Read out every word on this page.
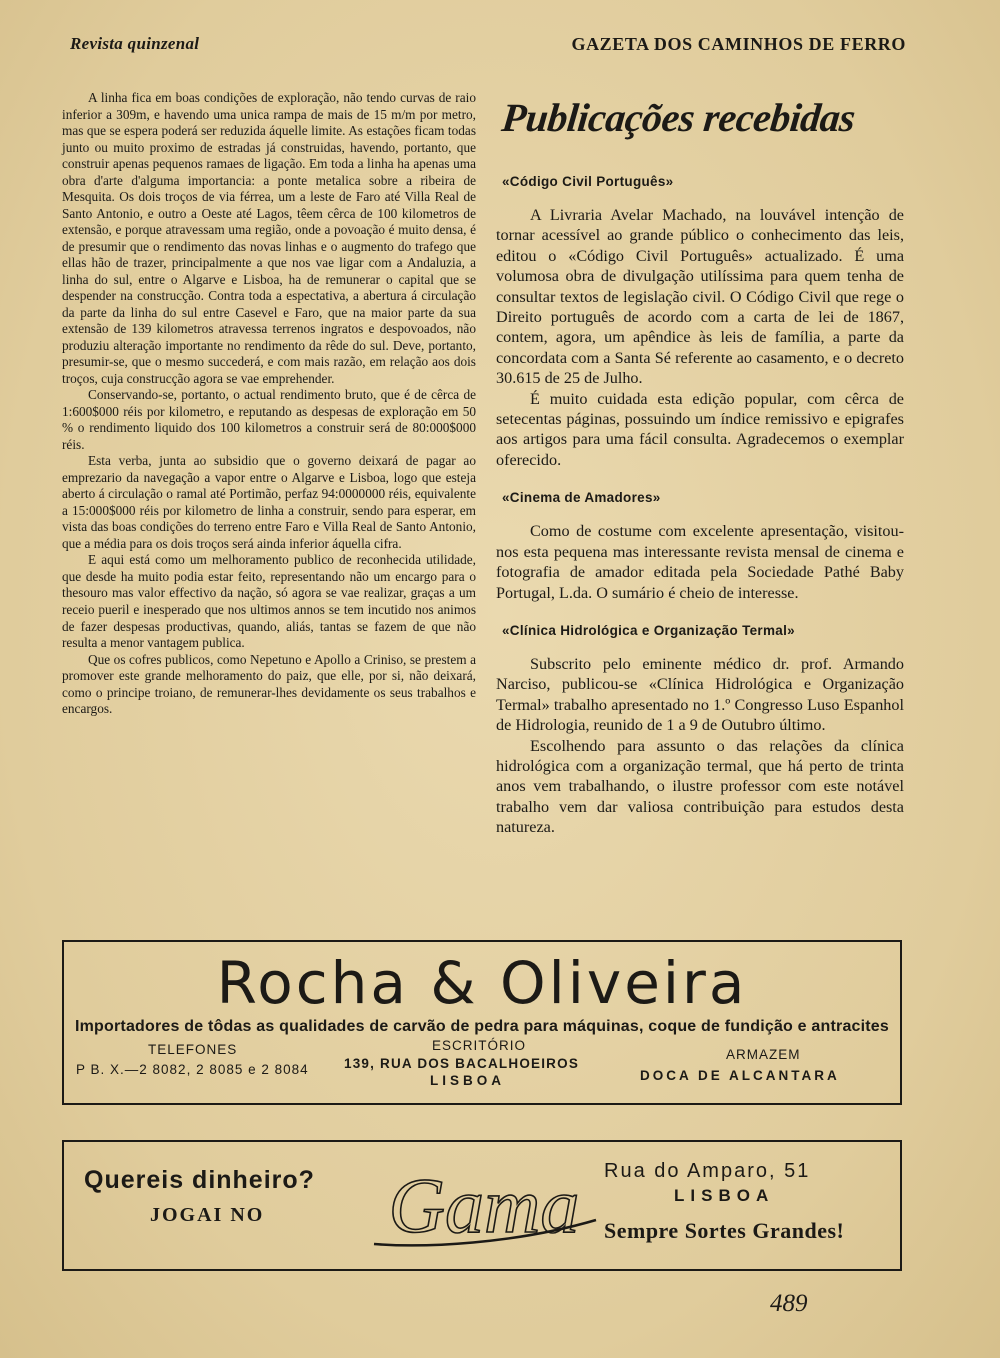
Revista quinzenal	GAZETA DOS CAMINHOS DE FERRO

A linha fica em boas condições de exploração, não tendo curvas de raio inferior a 309m, e havendo uma unica rampa de mais de 15 m/m por metro, mas que se espera poderá ser reduzida áquelle limite. As estações ficam todas junto ou muito proximo de estradas já construidas, havendo, portanto, que construir apenas pequenos ramaes de ligação. Em toda a linha ha apenas uma obra d'arte d'alguma importancia: a ponte metalica sobre a ribeira de Mesquita. Os dois troços de via férrea, um a leste de Faro até Villa Real de Santo Antonio, e outro a Oeste até Lagos, têem cêrca de 100 kilometros de extensão, e porque atravessam uma região, onde a povoação é muito densa, é de presumir que o rendimento das novas linhas e o augmento do trafego que ellas hão de trazer, principalmente a que nos vae ligar com a Andaluzia, a linha do sul, entre o Algarve e Lisboa, ha de remunerar o capital que se despender na construcção. Contra toda a espectativa, a abertura á circulação da parte da linha do sul entre Casevel e Faro, que na maior parte da sua extensão de 139 kilometros atravessa terrenos ingratos e despovoados, não produziu alteração importante no rendimento da rêde do sul. Deve, portanto, presumir-se, que o mesmo succederá, e com mais razão, em relação aos dois troços, cuja construcção agora se vae emprehender.

Conservando-se, portanto, o actual rendimento bruto, que é de cêrca de 1:600$000 réis por kilometro, e reputando as despesas de exploração em 50 % o rendimento liquido dos 100 kilometros a construir será de 80:000$000 réis.

Esta verba, junta ao subsidio que o governo deixará de pagar ao emprezario da navegação a vapor entre o Algarve e Lisboa, logo que esteja aberto á circulação o ramal até Portimão, perfaz 94:0000000 réis, equivalente a 15:000$000 réis por kilometro de linha a construir, sendo para esperar, em vista das boas condições do terreno entre Faro e Villa Real de Santo Antonio, que a média para os dois troços será ainda inferior áquella cifra.

E aqui está como um melhoramento publico de reconhecida utilidade, que desde ha muito podia estar feito, representando não um encargo para o thesouro mas valor effectivo da nação, só agora se vae realizar, graças a um receio pueril e inesperado que nos ultimos annos se tem incutido nos animos de fazer despesas productivas, quando, aliás, tantas se fazem de que não resulta a menor vantagem publica.

Que os cofres publicos, como Nepetuno e Apollo a Criniso, se prestem a promover este grande melhoramento do paiz, que elle, por si, não deixará, como o principe troiano, de remunerar-lhes devidamente os seus trabalhos e encargos.

Publicações recebidas
«Código Civil Português»

A Livraria Avelar Machado, na louvável intenção de tornar acessível ao grande público o conhecimento das leis, editou o «Código Civil Português» actualizado. É uma volumosa obra de divulgação utilíssima para quem tenha de consultar textos de legislação civil. O Código Civil que rege o Direito português de acordo com a carta de lei de 1867, contem, agora, um apêndice às leis de família, a parte da concordata com a Santa Sé referente ao casamento, e o decreto 30.615 de 25 de Julho.

É muito cuidada esta edição popular, com cêrca de setecentas páginas, possuindo um índice remissivo e epigrafes aos artigos para uma fácil consulta. Agradecemos o exemplar oferecido.

«Cinema de Amadores»

Como de costume com excelente apresentação, visitou-nos esta pequena mas interessante revista mensal de cinema e fotografia de amador editada pela Sociedade Pathé Baby Portugal, L.da. O sumário é cheio de interesse.

«Clínica Hidrológica e Organização Termal»

Subscrito pelo eminente médico dr. prof. Armando Narciso, publicou-se «Clínica Hidrológica e Organização Termal» trabalho apresentado no 1.º Congresso Luso Espanhol de Hidrologia, reunido de 1 a 9 de Outubro último.

Escolhendo para assunto o das relações da clínica hidrológica com a organização termal, que há perto de trinta anos vem trabalhando, o ilustre professor com este notável trabalho vem dar valiosa contribuição para estudos desta natureza.

Rocha & Oliveira
Importadores de tôdas as qualidades de carvão de pedra para máquinas, coque de fundição e antracites
TELEFONES
P B. X.—2 8082, 2 8085 e 2 8084
ESCRITÓRIO
139, RUA DOS BACALHOEIROS
LISBOA
ARMAZEM
DOCA DE ALCANTARA
Quereis dinheiro?
JOGAI NO Gama Rua do Amparo, 51
LISBOA
Sempre Sortes Grandes!
489
